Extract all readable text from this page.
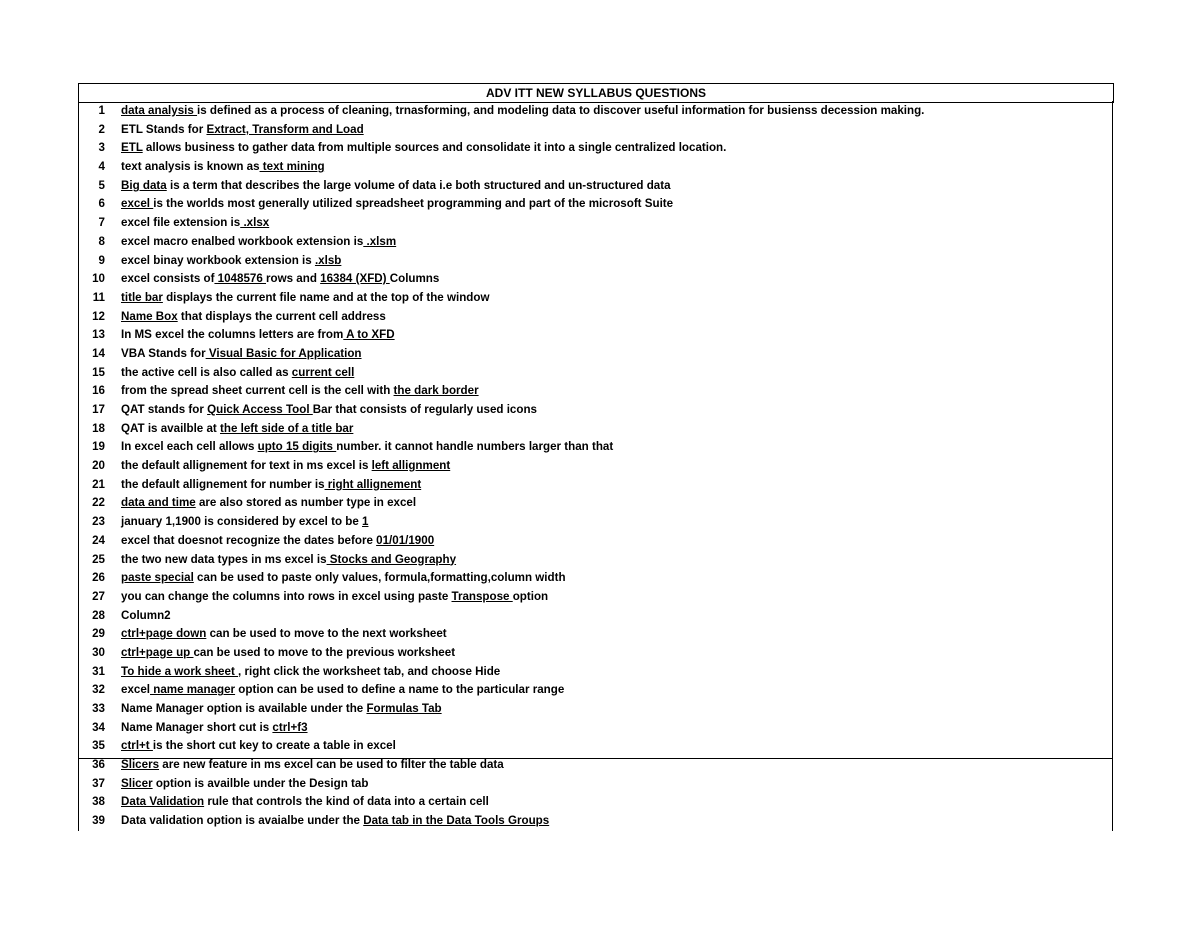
ADV ITT NEW SYLLABUS QUESTIONS
1 data analysis is defined as a process of cleaning, trnasforming, and modeling data to discover useful information for busienss decession making.
2 ETL Stands for Extract, Transform and Load
3 ETL allows business to gather data from multiple sources and consolidate it into a single centralized location.
4 text analysis is known as text mining
5 Big data is a term that describes the large volume of data i.e both structured and un-structured data
6 excel is the worlds most generally utilized spreadsheet programming and part of the microsoft Suite
7 excel file extension is .xlsx
8 excel macro enalbed workbook extension is .xlsm
9 excel binay workbook extension is .xlsb
10 excel consists of 1048576 rows and 16384 (XFD) Columns
11 title bar displays the current file name and at the top of the window
12 Name Box that displays the current cell address
13 In MS excel the columns letters are from A to XFD
14 VBA Stands for Visual Basic for Application
15 the active cell is also called as current cell
16 from the spread sheet current cell is the cell with the dark border
17 QAT stands for Quick Access Tool Bar that consists of regularly used icons
18 QAT is availble at the left side of a title bar
19 In excel each cell allows upto 15 digits number. it cannot handle numbers larger than that
20 the default allignement for text in ms excel is left allignment
21 the default allignement for number is right allignement
22 data and time are also stored as number type in excel
23 january 1,1900 is considered by excel to be 1
24 excel that doesnot recognize the dates before 01/01/1900
25 the two new data types in ms excel is Stocks and Geography
26 paste special can be used to paste only values, formula,formatting,column width
27 you can change the columns into rows in excel using paste Transpose option
28 Column2
29 ctrl+page down can be used to move to the next worksheet
30 ctrl+page up can be used to move to the previous worksheet
31 To hide a work sheet , right click the worksheet tab, and choose Hide
32 excel name manager option can be used to define a name to the particular range
33 Name Manager option is available under the Formulas Tab
34 Name Manager short cut is ctrl+f3
35 ctrl+t is the short cut key to create a table in excel
36 Slicers are new feature in ms excel can be used to filter the table data
37 Slicer option is availble under the Design tab
38 Data Validation rule that controls the kind of data into a certain cell
39 Data validation option is avaialbe under the Data tab in the Data Tools Groups
